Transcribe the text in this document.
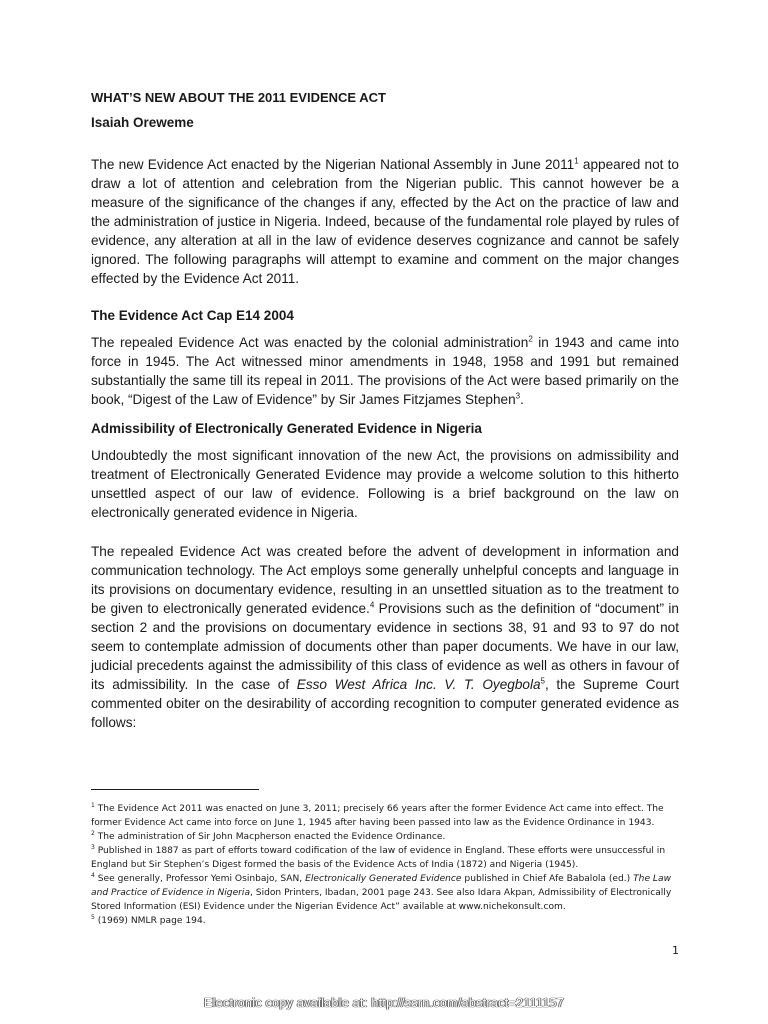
WHAT’S NEW ABOUT THE 2011 EVIDENCE ACT
Isaiah Oreweme

The new Evidence Act enacted by the Nigerian National Assembly in June 2011$^1$ appeared not to draw a lot of attention and celebration from the Nigerian public. This cannot however be a measure of the significance of the changes if any, effected by the Act on the practice of law and the administration of justice in Nigeria. Indeed, because of the fundamental role played by rules of evidence, any alteration at all in the law of evidence deserves cognizance and cannot be safely ignored. The following paragraphs will attempt to examine and comment on the major changes effected by the Evidence Act 2011.

The Evidence Act Cap E14 2004

The repealed Evidence Act was enacted by the colonial administration$^2$ in 1943 and came into force in 1945. The Act witnessed minor amendments in 1948, 1958 and 1991 but remained substantially the same till its repeal in 2011. The provisions of the Act were based primarily on the book, “Digest of the Law of Evidence” by Sir James Fitzjames Stephen$^3$.

Admissibility of Electronically Generated Evidence in Nigeria

Undoubtedly the most significant innovation of the new Act, the provisions on admissibility and treatment of Electronically Generated Evidence may provide a welcome solution to this hitherto unsettled aspect of our law of evidence. Following is a brief background on the law on electronically generated evidence in Nigeria.

The repealed Evidence Act was created before the advent of development in information and communication technology. The Act employs some generally unhelpful concepts and language in its provisions on documentary evidence, resulting in an unsettled situation as to the treatment to be given to electronically generated evidence.$^4$ Provisions such as the definition of “document” in section 2 and the provisions on documentary evidence in sections 38, 91 and 93 to 97 do not seem to contemplate admission of documents other than paper documents. We have in our law, judicial precedents against the admissibility of this class of evidence as well as others in favour of its admissibility. In the case of Esso West Africa Inc. V. T. Oyegbola$^5$, the Supreme Court commented obiter on the desirability of according recognition to computer generated evidence as follows:

$^1$ The Evidence Act 2011 was enacted on June 3, 2011; precisely 66 years after the former Evidence Act came into effect. The former Evidence Act came into force on June 1, 1945 after having been passed into law as the Evidence Ordinance in 1943.

$^2$ The administration of Sir John Macpherson enacted the Evidence Ordinance.

$^3$ Published in 1887 as part of efforts toward codification of the law of evidence in England. These efforts were unsuccessful in England but Sir Stephen’s Digest formed the basis of the Evidence Acts of India (1872) and Nigeria (1945).

$^4$ See generally, Professor Yemi Osinbajo, SAN, Electronically Generated Evidence published in Chief Afe Babalola (ed.) The Law and Practice of Evidence in Nigeria, Sidon Printers, Ibadan, 2001 page 243. See also Idara Akpan, Admissibility of Electronically Stored Information (ESI) Evidence under the Nigerian Evidence Act” available at www.nichekonsult.com.

$^5$ (1969) NMLR page 194.

1
Electronic copy available at: http://ssrn.com/abstract=2111157
